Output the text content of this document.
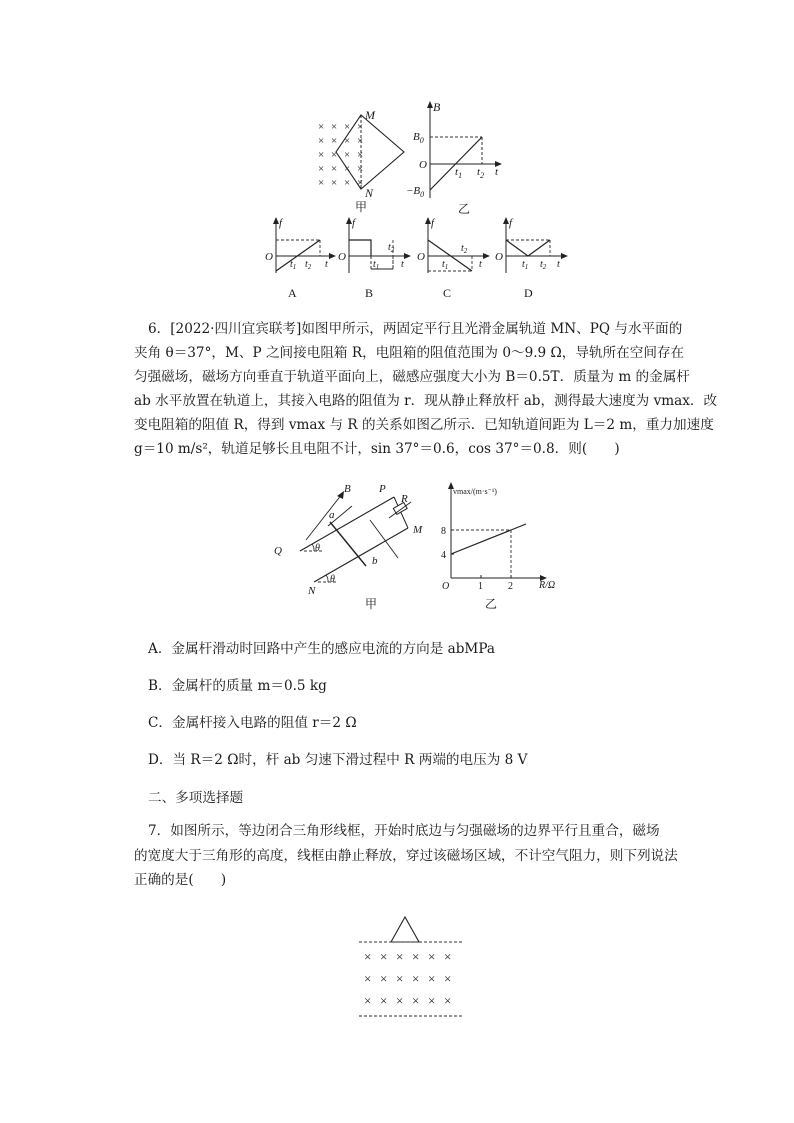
× × × ×
× × × ×
× × × ×
× × × ×
× × × ×
M
N
甲
B
$B_0$
O
$-B_0$
$t_1$ $t_2$ t
乙
f
O
$t_1$ $t_2$ t
A
f
O
$t_1$
$t_2$
t
B
f
O
$t_1$
$t_2$
t
C
f
O
$t_1$ $t_2$ t
D
6．[2022·四川宜宾联考]如图甲所示，两固定平行且光滑金属轨道 MN、PQ 与水平面的
夹角 θ＝37°，M、P 之间接电阻箱 R，电阻箱的阻值范围为 0～9.9 Ω，导轨所在空间存在
匀强磁场，磁场方向垂直于轨道平面向上，磁感应强度大小为 B＝0.5T．质量为 m 的金属杆
ab 水平放置在轨道上，其接入电路的阻值为 r．现从静止释放杆 ab，测得最大速度为 vmax．改
变电阻箱的阻值 R，得到 vmax 与 R 的关系如图乙所示．已知轨道间距为 L＝2 m，重力加速度
g＝10 m/s²，轨道足够长且电阻不计，sin 37°＝0.6，cos 37°＝0.8．则(　　)
B	P
R
a
b
M
Q
N
θ
θ
甲
1	2
4
8
vmax/(m·s⁻¹)
R/Ω
O
乙
A．金属杆滑动时回路中产生的感应电流的方向是 abMPa
B．金属杆的质量 m＝0.5 kg
C．金属杆接入电路的阻值 r＝2 Ω
D．当 R＝2 Ω时，杆 ab 匀速下滑过程中 R 两端的电压为 8 V
二、多项选择题
7．如图所示，等边闭合三角形线框，开始时底边与匀强磁场的边界平行且重合，磁场
的宽度大于三角形的高度，线框由静止释放，穿过该磁场区域，不计空气阻力，则下列说法
正确的是(　　)
× × × × × ×
× × × × × ×
× × × × × ×
